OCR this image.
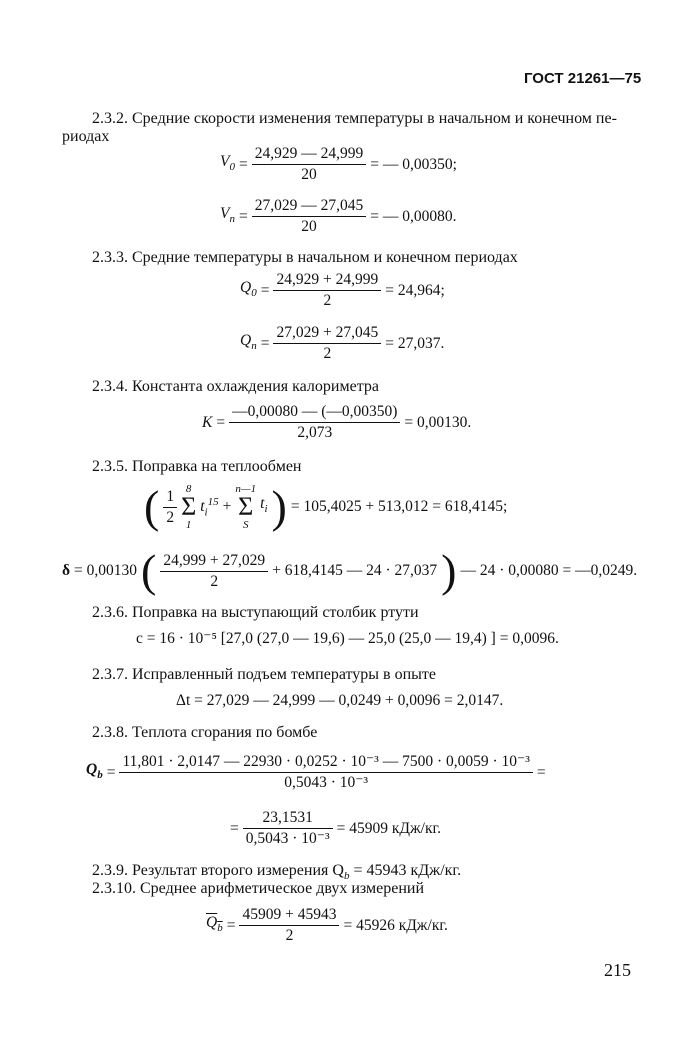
ГОСТ 21261—75
2.3.2. Средние скорости изменения температуры в начальном и конечном пе-
риодах
$V_0 = \frac{24,929 — 24,999}{20}$ = — 0,00350;
$V_n = \frac{27,029 — 27,045}{20}$ = — 0,00080.
2.3.3. Средние температуры в начальном и конечном периодах
$Q_0 = \frac{24,929 + 24,999}{2} = 24,964$;
$Q_n = \frac{27,029 + 27,045}{2} = 27,037$.
2.3.4. Константа охлаждения калориметра
$K = \frac{—0,00080 — (—0,00350)}{2,073} = 0,00130$.
2.3.5. Поправка на теплообмен
( $\frac{1}{2} 8$
Σ
1
$t_i^{15}$ +
n—1
Σ
S
$t_i$ ) = 105,4025 + 513,012 = 618,4145;
δ = 0,00130 ( $\frac{24,999 + 27,029}{2} + 618,4145$ — 24 · 27,037 ) — 24 · 0,00080 = —0,0249.
2.3.6. Поправка на выступающий столбик ртути
c = 16 · 10⁻⁵ [27,0 (27,0 — 19,6) — 25,0 (25,0 — 19,4) ] = 0,0096.
2.3.7. Исправленный подъем температуры в опыте
Δt = 27,029 — 24,999 — 0,0249 + 0,0096 = 2,0147.
2.3.8. Теплота сгорания по бомбе
$Q_b$ =
11,801 · 2,0147 — 22930 · 0,0252 · 10⁻³ — 7500 · 0,0059 · 10⁻³
0,5043 · 10⁻³
=
= $\frac{23,1531}{\text{0,5043 · 10⁻³}} = 45909$ кДж/кг.
2.3.9. Результат второго измерения $Q_b = 45943$ кДж/кг.
2.3.10. Среднее арифметическое двух измерений
$Q_b = \frac{45909 + 45943}{2} = 45926$ кДж/кг.
215
